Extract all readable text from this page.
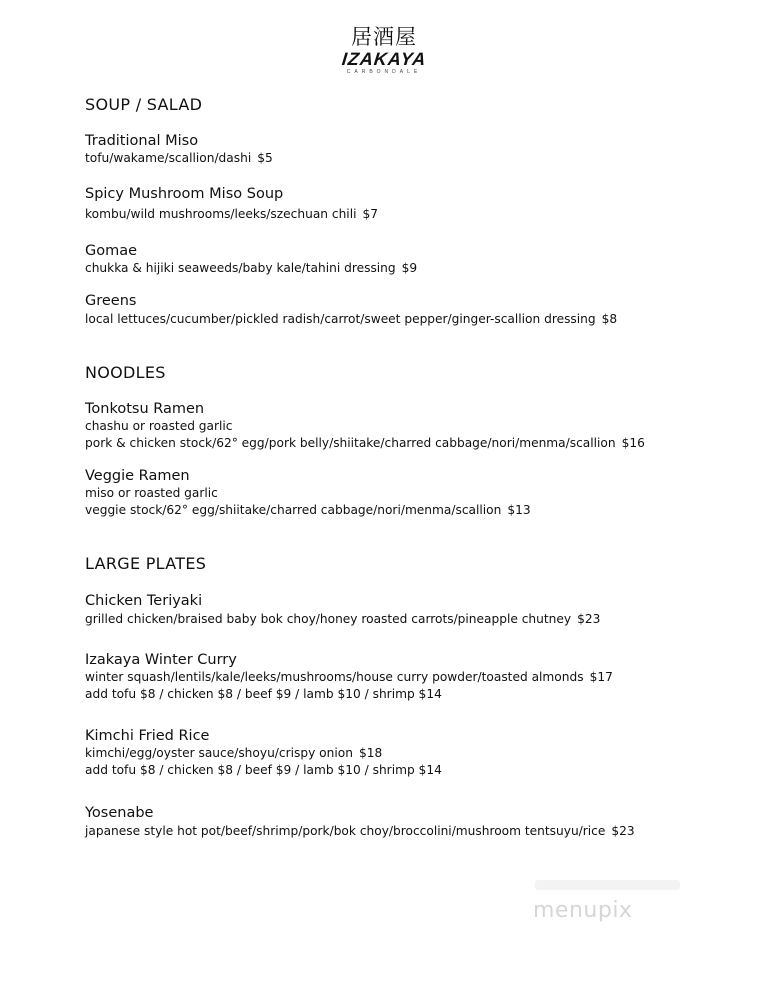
居酒屋
IZAKAYA
CARBONDALE
SOUP / SALAD
Traditional Miso
tofu/wakame/scallion/dashi $5
Spicy Mushroom Miso Soup
kombu/wild mushrooms/leeks/szechuan chili $7
Gomae
chukka & hijiki seaweeds/baby kale/tahini dressing $9
Greens
local lettuces/cucumber/pickled radish/carrot/sweet pepper/ginger-scallion dressing $8
NOODLES
Tonkotsu Ramen
chashu or roasted garlic
pork & chicken stock/62° egg/pork belly/shiitake/charred cabbage/nori/menma/scallion $16
Veggie Ramen
miso or roasted garlic
veggie stock/62° egg/shiitake/charred cabbage/nori/menma/scallion $13
LARGE PLATES
Chicken Teriyaki
grilled chicken/braised baby bok choy/honey roasted carrots/pineapple chutney $23
Izakaya Winter Curry
winter squash/lentils/kale/leeks/mushrooms/house curry powder/toasted almonds $17
add tofu $8 / chicken $8 / beef $9 / lamb $10 / shrimp $14
Kimchi Fried Rice
kimchi/egg/oyster sauce/shoyu/crispy onion $18
add tofu $8 / chicken $8 / beef $9 / lamb $10 / shrimp $14
Yosenabe
japanese style hot pot/beef/shrimp/pork/bok choy/broccolini/mushroom tentsuyu/rice $23
menupix
